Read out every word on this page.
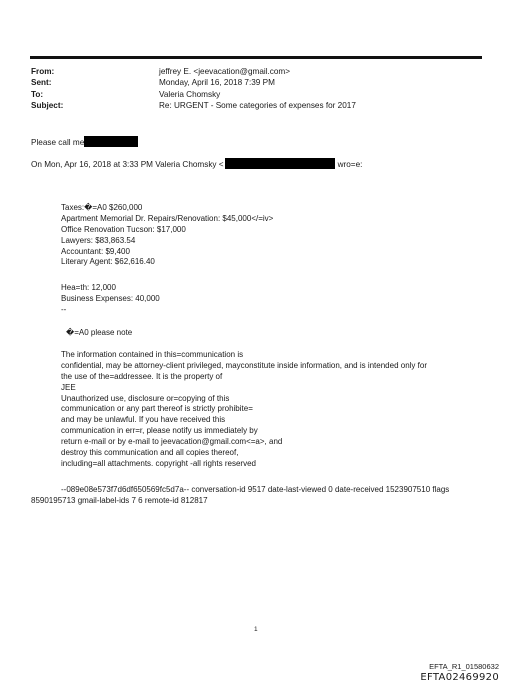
From:	jeffrey E. <jeevacation@gmail.com>
Sent:	Monday, April 16, 2018 7:39 PM
To:	Valeria Chomsky
Subject:	Re: URGENT - Some categories of expenses for 2017
Please call me
On Mon, Apr 16, 2018 at 3:33 PM Valeria Chomsky <	wro=e:
Taxes:�=A0 $260,000
Apartment Memorial Dr. Repairs/Renovation: $45,000</=iv>
Office Renovation Tucson: $17,000
Lawyers: $83,863.54
Accountant: $9,400
Literary Agent: $62,616.40
Hea=th: 12,000
Business Expenses: 40,000
--
�=A0 please note
The information contained in this=communication is
confidential, may be attorney-client privileged, mayconstitute inside information, and is intended only for
the use of the=addressee. It is the property of
JEE
Unauthorized use, disclosure or=copying of this
communication or any part thereof is strictly prohibite=
and may be unlawful. If you have received this
communication in err=r, please notify us immediately by
return e-mail or by e-mail to jeevacation@gmail.com<=a>, and
destroy this communication and all copies thereof,
including=all attachments. copyright -all rights reserved
--089e08e573f7d6df650569fc5d7a-- conversation-id 9517 date-last-viewed 0 date-received 1523907510 flags
8590195713 gmail-label-ids 7 6 remote-id 812817
1
EFTA_R1_01580632
EFTA02469920
